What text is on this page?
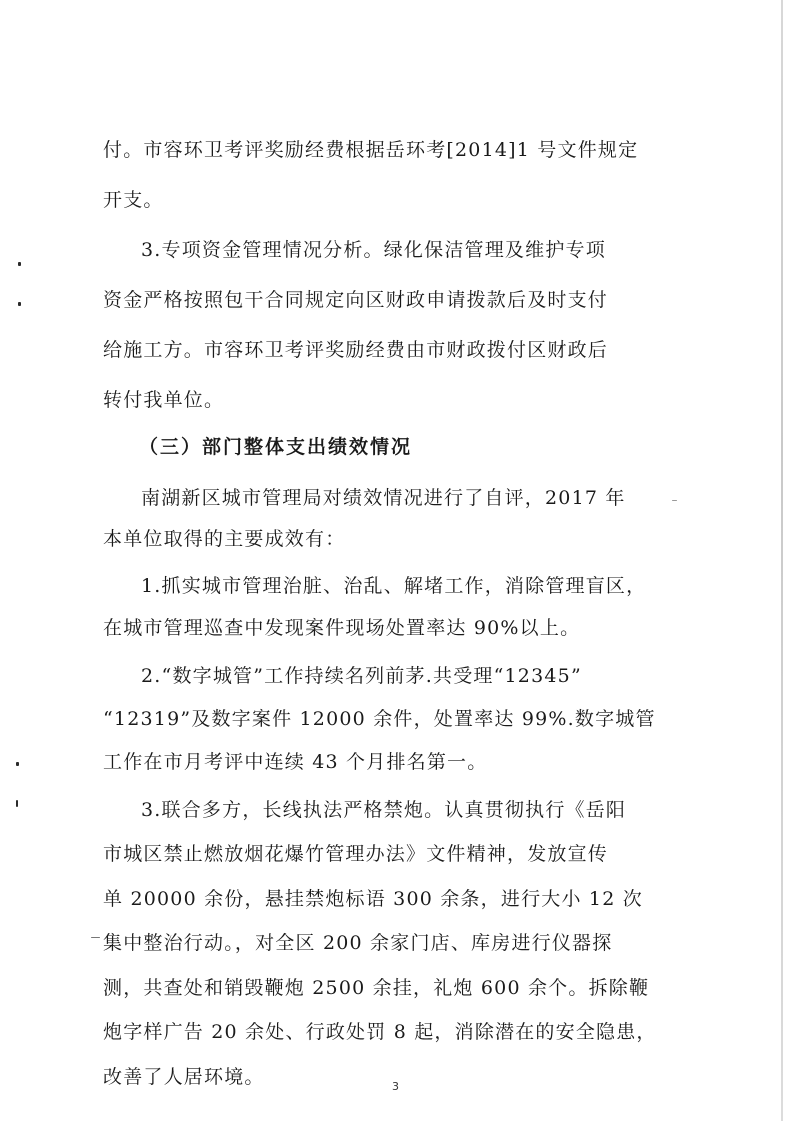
付。市容环卫考评奖励经费根据岳环考[2014]1 号文件规定
开支。
3.专项资金管理情况分析。绿化保洁管理及维护专项
资金严格按照包干合同规定向区财政申请拨款后及时支付
给施工方。市容环卫考评奖励经费由市财政拨付区财政后
转付我单位。
（三）部门整体支出绩效情况
南湖新区城市管理局对绩效情况进行了自评，2017 年
本单位取得的主要成效有：
1.抓实城市管理治脏、治乱、解堵工作，消除管理盲区，
在城市管理巡查中发现案件现场处置率达 90%以上。
2.“数字城管”工作持续名列前茅.共受理“12345”
“12319”及数字案件 12000 余件，处置率达 99%.数字城管
工作在市月考评中连续 43 个月排名第一。
3.联合多方，长线执法严格禁炮。认真贯彻执行《岳阳
市城区禁止燃放烟花爆竹管理办法》文件精神，发放宣传
单 20000 余份，悬挂禁炮标语 300 余条，进行大小 12 次
集中整治行动。，对全区 200 余家门店、库房进行仪器探
测，共查处和销毁鞭炮 2500 余挂，礼炮 600 余个。拆除鞭
炮字样广告 20 余处、行政处罚 8 起，消除潜在的安全隐患，
改善了人居环境。	3
